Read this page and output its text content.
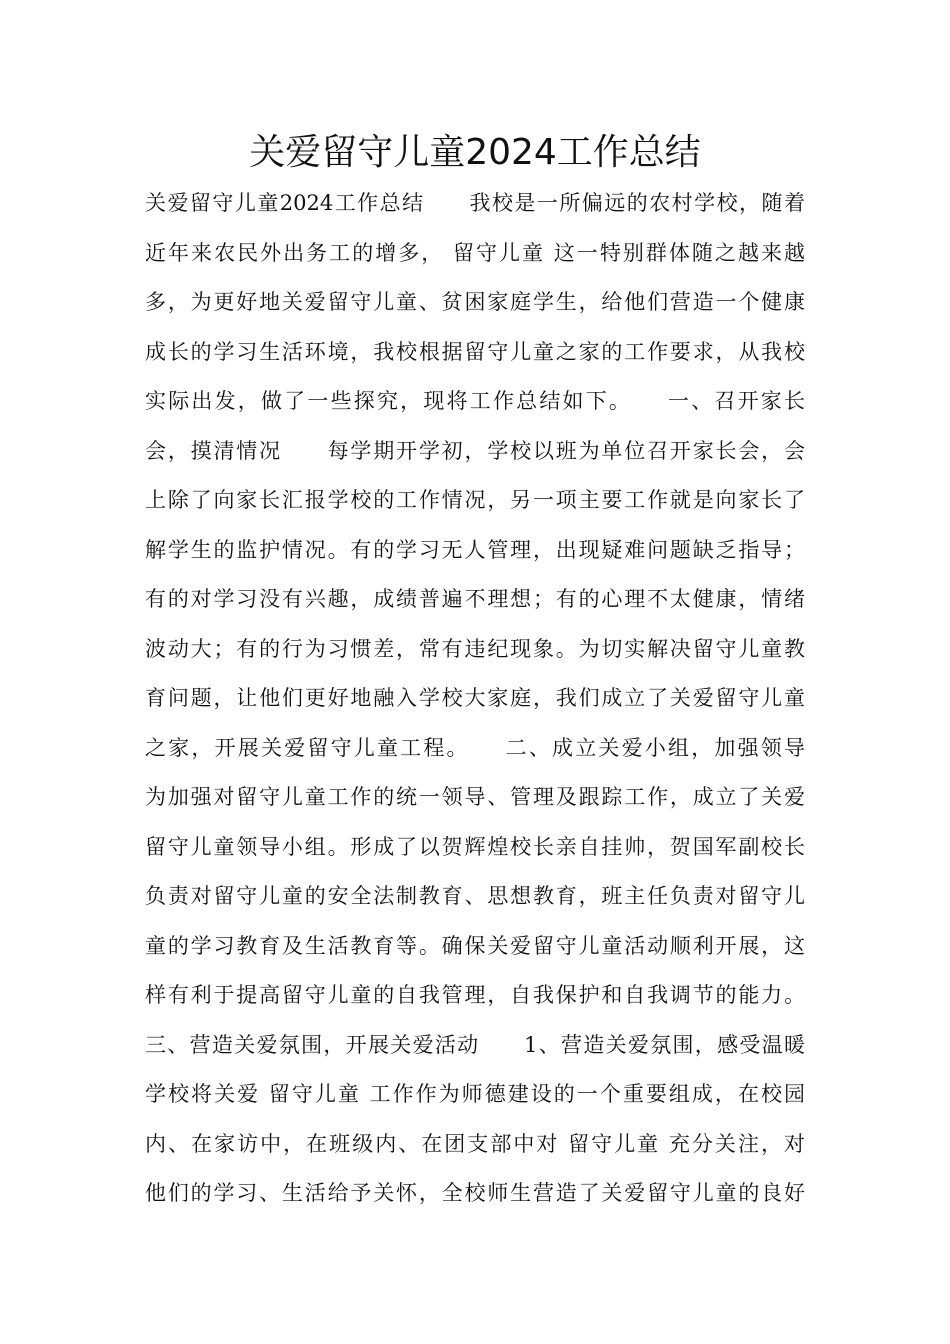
关爱留守儿童2024工作总结
关爱留守儿童2024工作总结　　我校是一所偏远的农村学校，随着
近年来农民外出务工的增多， 留守儿童 这一特别群体随之越来越
多，为更好地关爱留守儿童、贫困家庭学生，给他们营造一个健康
成长的学习生活环境，我校根据留守儿童之家的工作要求，从我校
实际出发，做了一些探究，现将工作总结如下。　　一、召开家长
会，摸清情况　　每学期开学初，学校以班为单位召开家长会，会
上除了向家长汇报学校的工作情况，另一项主要工作就是向家长了
解学生的监护情况。有的学习无人管理，出现疑难问题缺乏指导；
有的对学习没有兴趣，成绩普遍不理想；有的心理不太健康，情绪
波动大；有的行为习惯差，常有违纪现象。为切实解决留守儿童教
育问题，让他们更好地融入学校大家庭，我们成立了关爱留守儿童
之家，开展关爱留守儿童工程。　　二、成立关爱小组，加强领导
为加强对留守儿童工作的统一领导、管理及跟踪工作，成立了关爱
留守儿童领导小组。形成了以贺辉煌校长亲自挂帅，贺国军副校长
负责对留守儿童的安全法制教育、思想教育，班主任负责对留守儿
童的学习教育及生活教育等。确保关爱留守儿童活动顺利开展，这
样有利于提高留守儿童的自我管理，自我保护和自我调节的能力。
三、营造关爱氛围，开展关爱活动　　1、营造关爱氛围，感受温暖
学校将关爱 留守儿童 工作作为师德建设的一个重要组成，在校园
内、在家访中，在班级内、在团支部中对 留守儿童 充分关注，对
他们的学习、生活给予关怀，全校师生营造了关爱留守儿童的良好
